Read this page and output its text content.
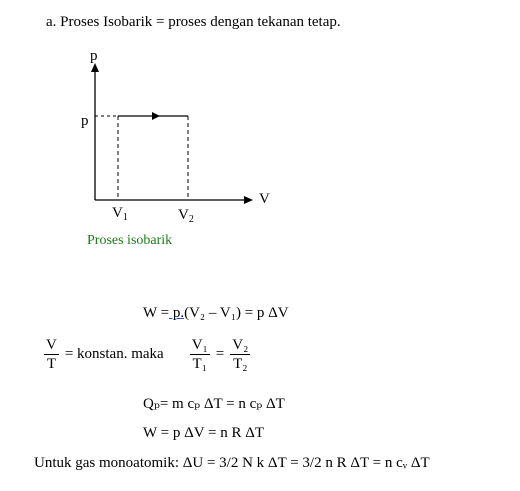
a. Proses Isobarik = proses dengan tekanan tetap.
p
p
V
$V_1$	$V_2$
Proses isobarik
W = p.(V₂ – V₁) = p ΔV
$\frac{V}{T}$ = konstan. maka $\frac{\text{V₁}}{\text{T₁}} = \frac{\text{V₂}}{\text{T₂}}$
Qₚ= m cₚ ΔT = n cₚ ΔT
W = p ΔV = n R ΔT
Untuk gas monoatomik: ΔU = 3/2 N k ΔT = 3/2 n R ΔT = n cᵥ ΔT
